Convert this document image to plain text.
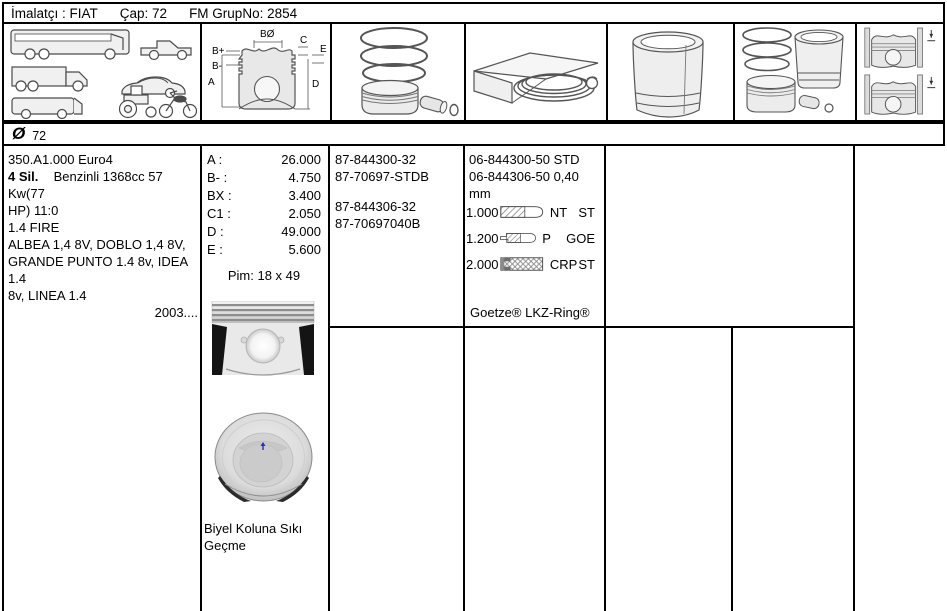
İmalatçı : FIAT Çap: 72 FM GrupNo: 2854
BØ
B+
B-
A
C
E
D
Ø 72
350.A1.000 Euro4
4 Sil. Benzinli 1368cc 57 Kw(77
HP) 11:0
1.4 FIRE
ALBEA 1,4 8V, DOBLO 1,4 8V,
GRANDE PUNTO 1.4 8v, IDEA 1.4
8v, LINEA 1.4
2003....
A :	26.000
B- :	4.750
BX :	3.400
C1 :	2.050
D :	49.000
E :	5.600
Pim: 18 x 49
Biyel Koluna Sıkı Geçme
87-844300-32
87-70697-STDB
87-844306-32
87-70697040B
06-844300-50 STD
06-844306-50 0,40 mm
1.000	NT ST
1.200	P	GOE
2.000	CRP ST
Goetze® LKZ-Ring®
